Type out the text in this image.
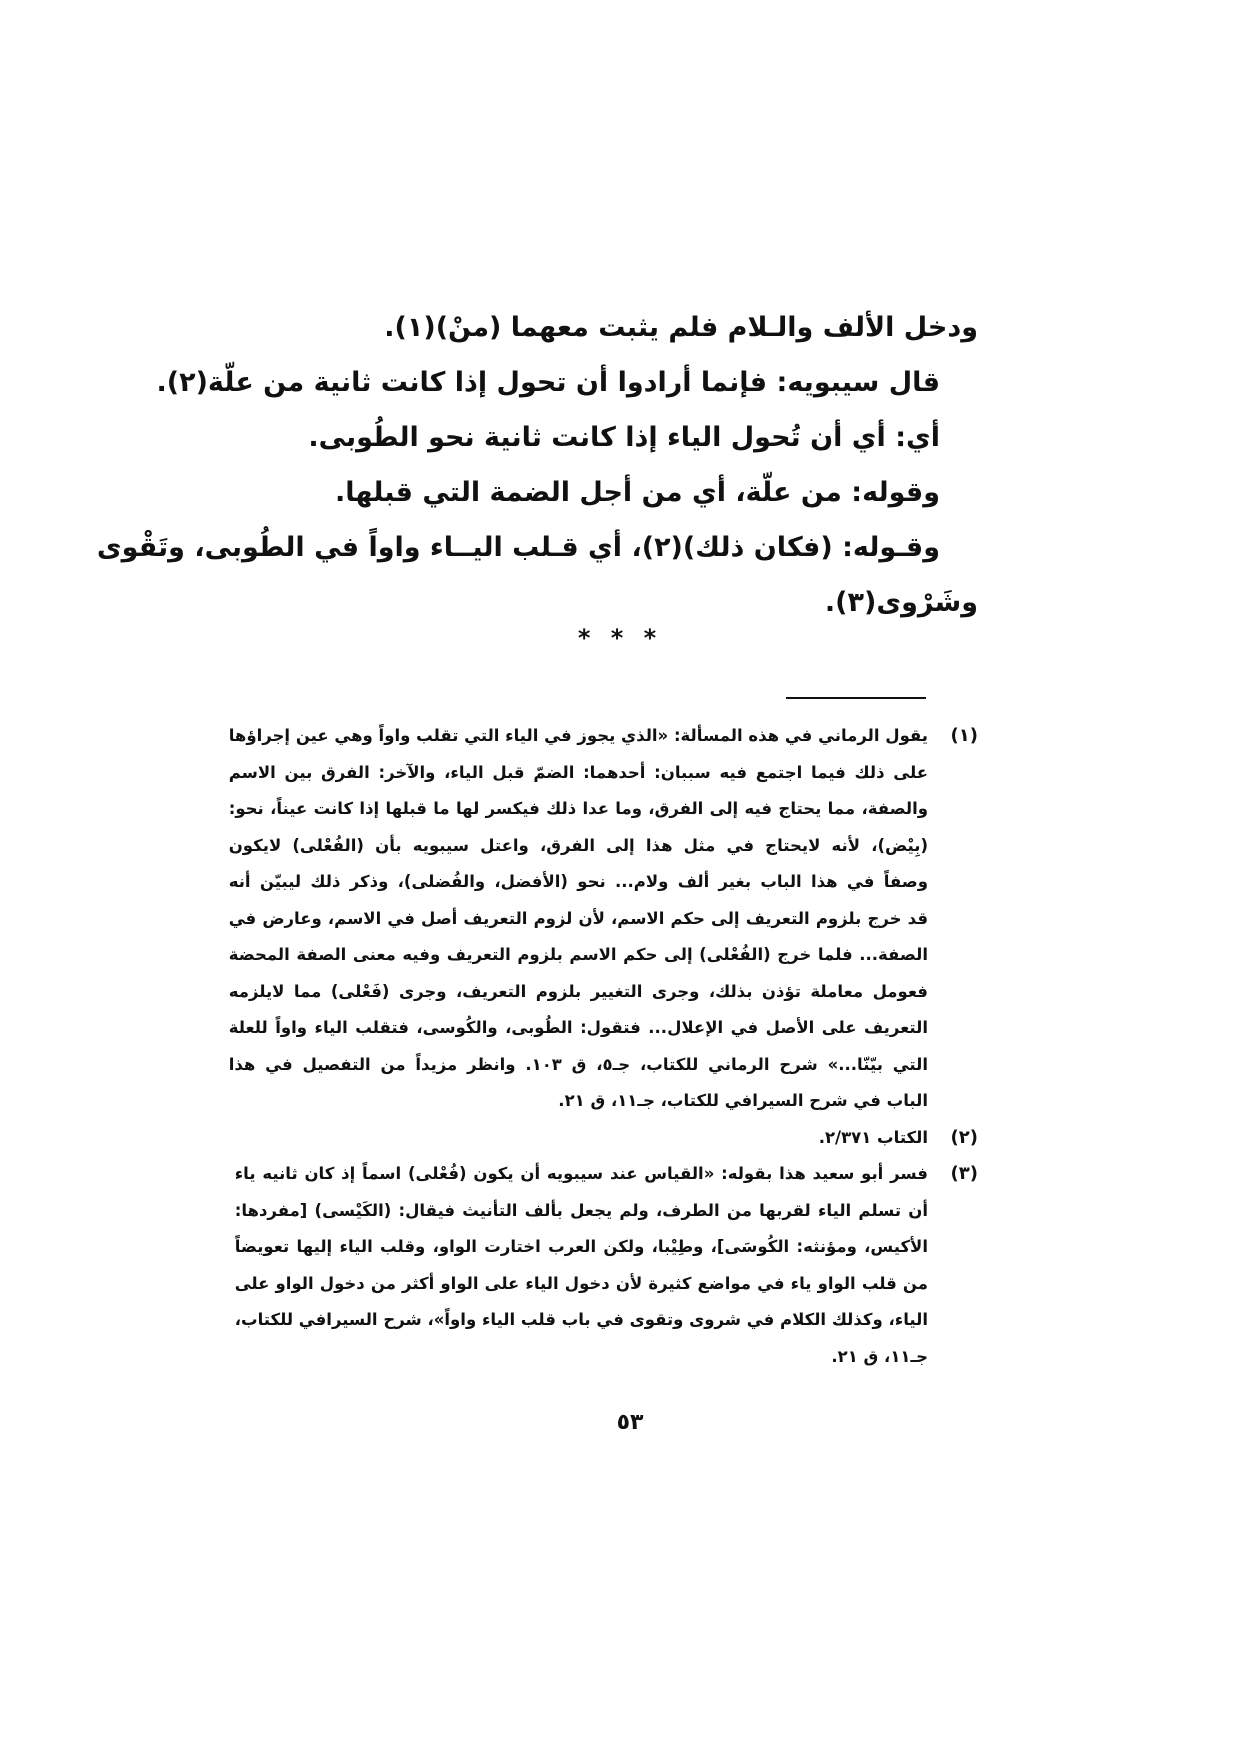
ودخل الألف والـلام فلم يثبت معهما (منْ)(١).
قال سيبويه: فإنما أرادوا أن تحول إذا كانت ثانية من علّة(٢).
أي: أي أن تُحول الياء إذا كانت ثانية نحو الطُوبى.
وقوله: من علّة، أي من أجل الضمة التي قبلها.
وقـوله: (فكان ذلك)(٢)، أي قـلب اليــاء واواً في الطُوبى، وتَقْوى
وشَرْوى(٣).
* * *
(١)
يقول الرماني في هذه المسألة: «الذي يجوز في الياء التي تقلب واواً وهي عين إجراؤها
على ذلك فيما اجتمع فيه سببان: أحدهما: الضمّ قبل الياء، والآخر: الفرق بين الاسم
والصفة، مما يحتاج فيه إلى الفرق، وما عدا ذلك فيكسر لها ما قبلها إذا كانت عيناً، نحو:
(بِيْض)، لأنه لايحتاج في مثل هذا إلى الفرق، واعتل سيبويه بأن (الفُعْلى) لايكون
وصفاً في هذا الباب بغير ألف ولام... نحو (الأفضل، والفُضلى)، وذكر ذلك ليبيّن أنه
قد خرج بلزوم التعريف إلى حكم الاسم، لأن لزوم التعريف أصل في الاسم، وعارض في
الصفة... فلما خرج (الفُعْلى) إلى حكم الاسم بلزوم التعريف وفيه معنى الصفة المحضة
فعومل معاملة تؤذن بذلك، وجرى التغيير بلزوم التعريف، وجرى (فَعْلى) مما لايلزمه
التعريف على الأصل في الإعلال... فتقول: الطُوبى، والكُوسى، فتقلب الياء واواً للعلة
التي بيّنّا...» شرح الرماني للكتاب، جـ٥، ق ١٠٣. وانظر مزيداً من التفصيل في هذا
الباب في شرح السيرافي للكتاب، جـ١١، ق ٢١.
(٢)
الكتاب ٢/٣٧١.
(٣)
فسر أبو سعيد هذا بقوله: «القياس عند سيبويه أن يكون (فُعْلى) اسماً إذ كان ثانيه ياء
أن تسلم الياء لقربها من الطرف، ولم يجعل بألف التأنيث فيقال: (الكَيْسى) [مفردها:
الأكيس، ومؤنثه: الكُوسَى]، وطِيْبا، ولكن العرب اختارت الواو، وقلب الياء إليها تعويضاً
من قلب الواو ياء في مواضع كثيرة لأن دخول الياء على الواو أكثر من دخول الواو على
الياء، وكذلك الكلام في شروى وتقوى في باب قلب الياء واواً»، شرح السيرافي للكتاب،
جـ١١، ق ٢١.
٥٣
